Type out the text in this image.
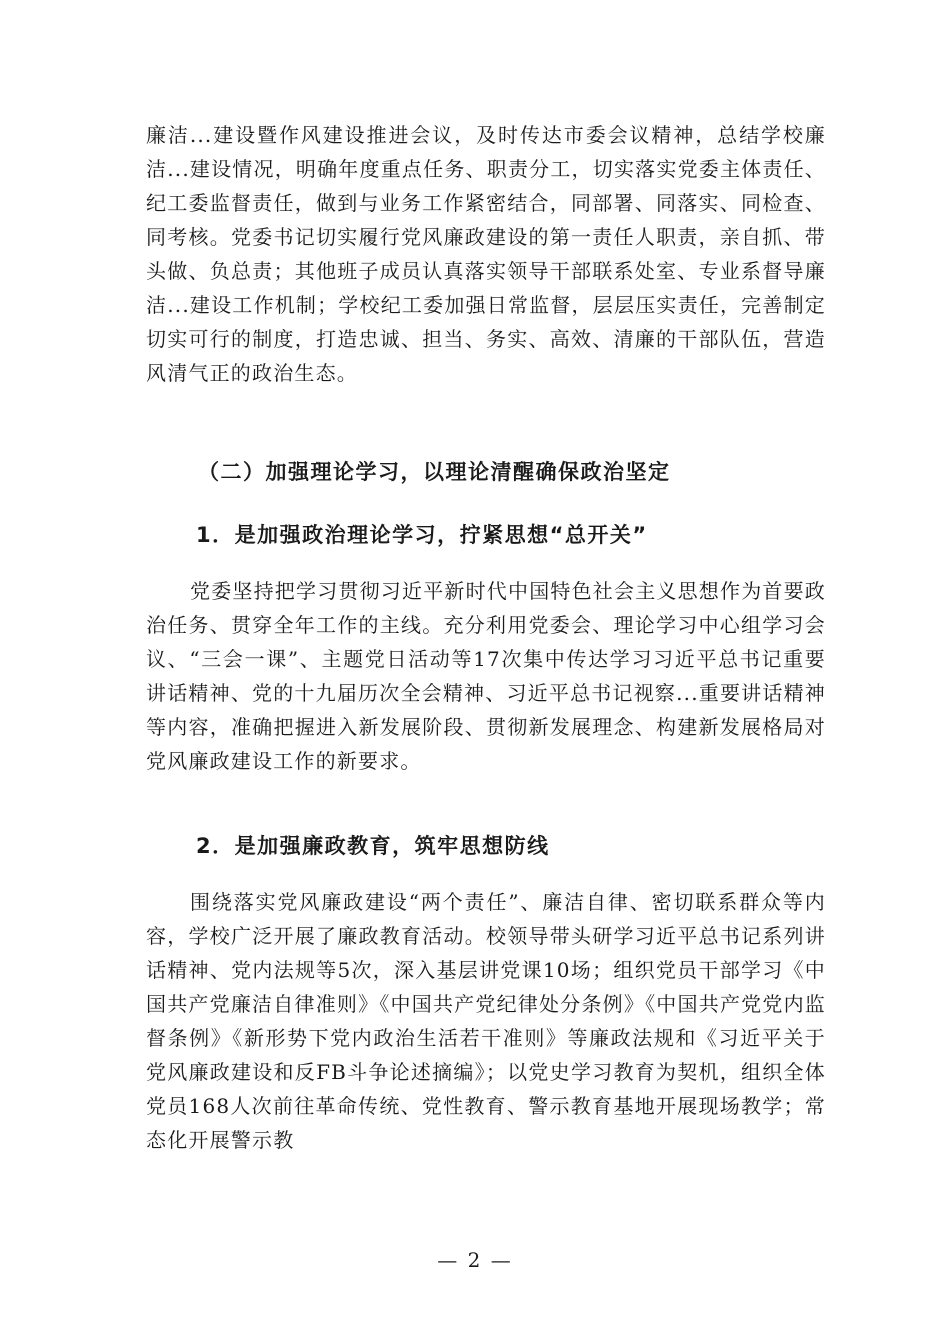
廉洁...建设暨作风建设推进会议，及时传达市委会议精神，总结学校廉洁...建设情况，明确年度重点任务、职责分工，切实落实党委主体责任、纪工委监督责任，做到与业务工作紧密结合，同部署、同落实、同检查、同考核。党委书记切实履行党风廉政建设的第一责任人职责，亲自抓、带头做、负总责；其他班子成员认真落实领导干部联系处室、专业系督导廉洁...建设工作机制；学校纪工委加强日常监督，层层压实责任，完善制定切实可行的制度，打造忠诚、担当、务实、高效、清廉的干部队伍，营造风清气正的政治生态。

（二）加强理论学习，以理论清醒确保政治坚定
1．是加强政治理论学习，拧紧思想“总开关”

党委坚持把学习贯彻习近平新时代中国特色社会主义思想作为首要政治任务、贯穿全年工作的主线。充分利用党委会、理论学习中心组学习会议、“三会一课”、主题党日活动等17次集中传达学习习近平总书记重要讲话精神、党的十九届历次全会精神、习近平总书记视察...重要讲话精神等内容，准确把握进入新发展阶段、贯彻新发展理念、构建新发展格局对党风廉政建设工作的新要求。

2．是加强廉政教育，筑牢思想防线

围绕落实党风廉政建设“两个责任”、廉洁自律、密切联系群众等内容，学校广泛开展了廉政教育活动。校领导带头研学习近平总书记系列讲话精神、党内法规等5次，深入基层讲党课10场；组织党员干部学习《中国共产党廉洁自律准则》《中国共产党纪律处分条例》《中国共产党党内监督条例》《新形势下党内政治生活若干准则》等廉政法规和《习近平关于党风廉政建设和反FB斗争论述摘编》；以党史学习教育为契机，组织全体党员168人次前往革命传统、党性教育、警示教育基地开展现场教学；常态化开展警示教

— 2 —
